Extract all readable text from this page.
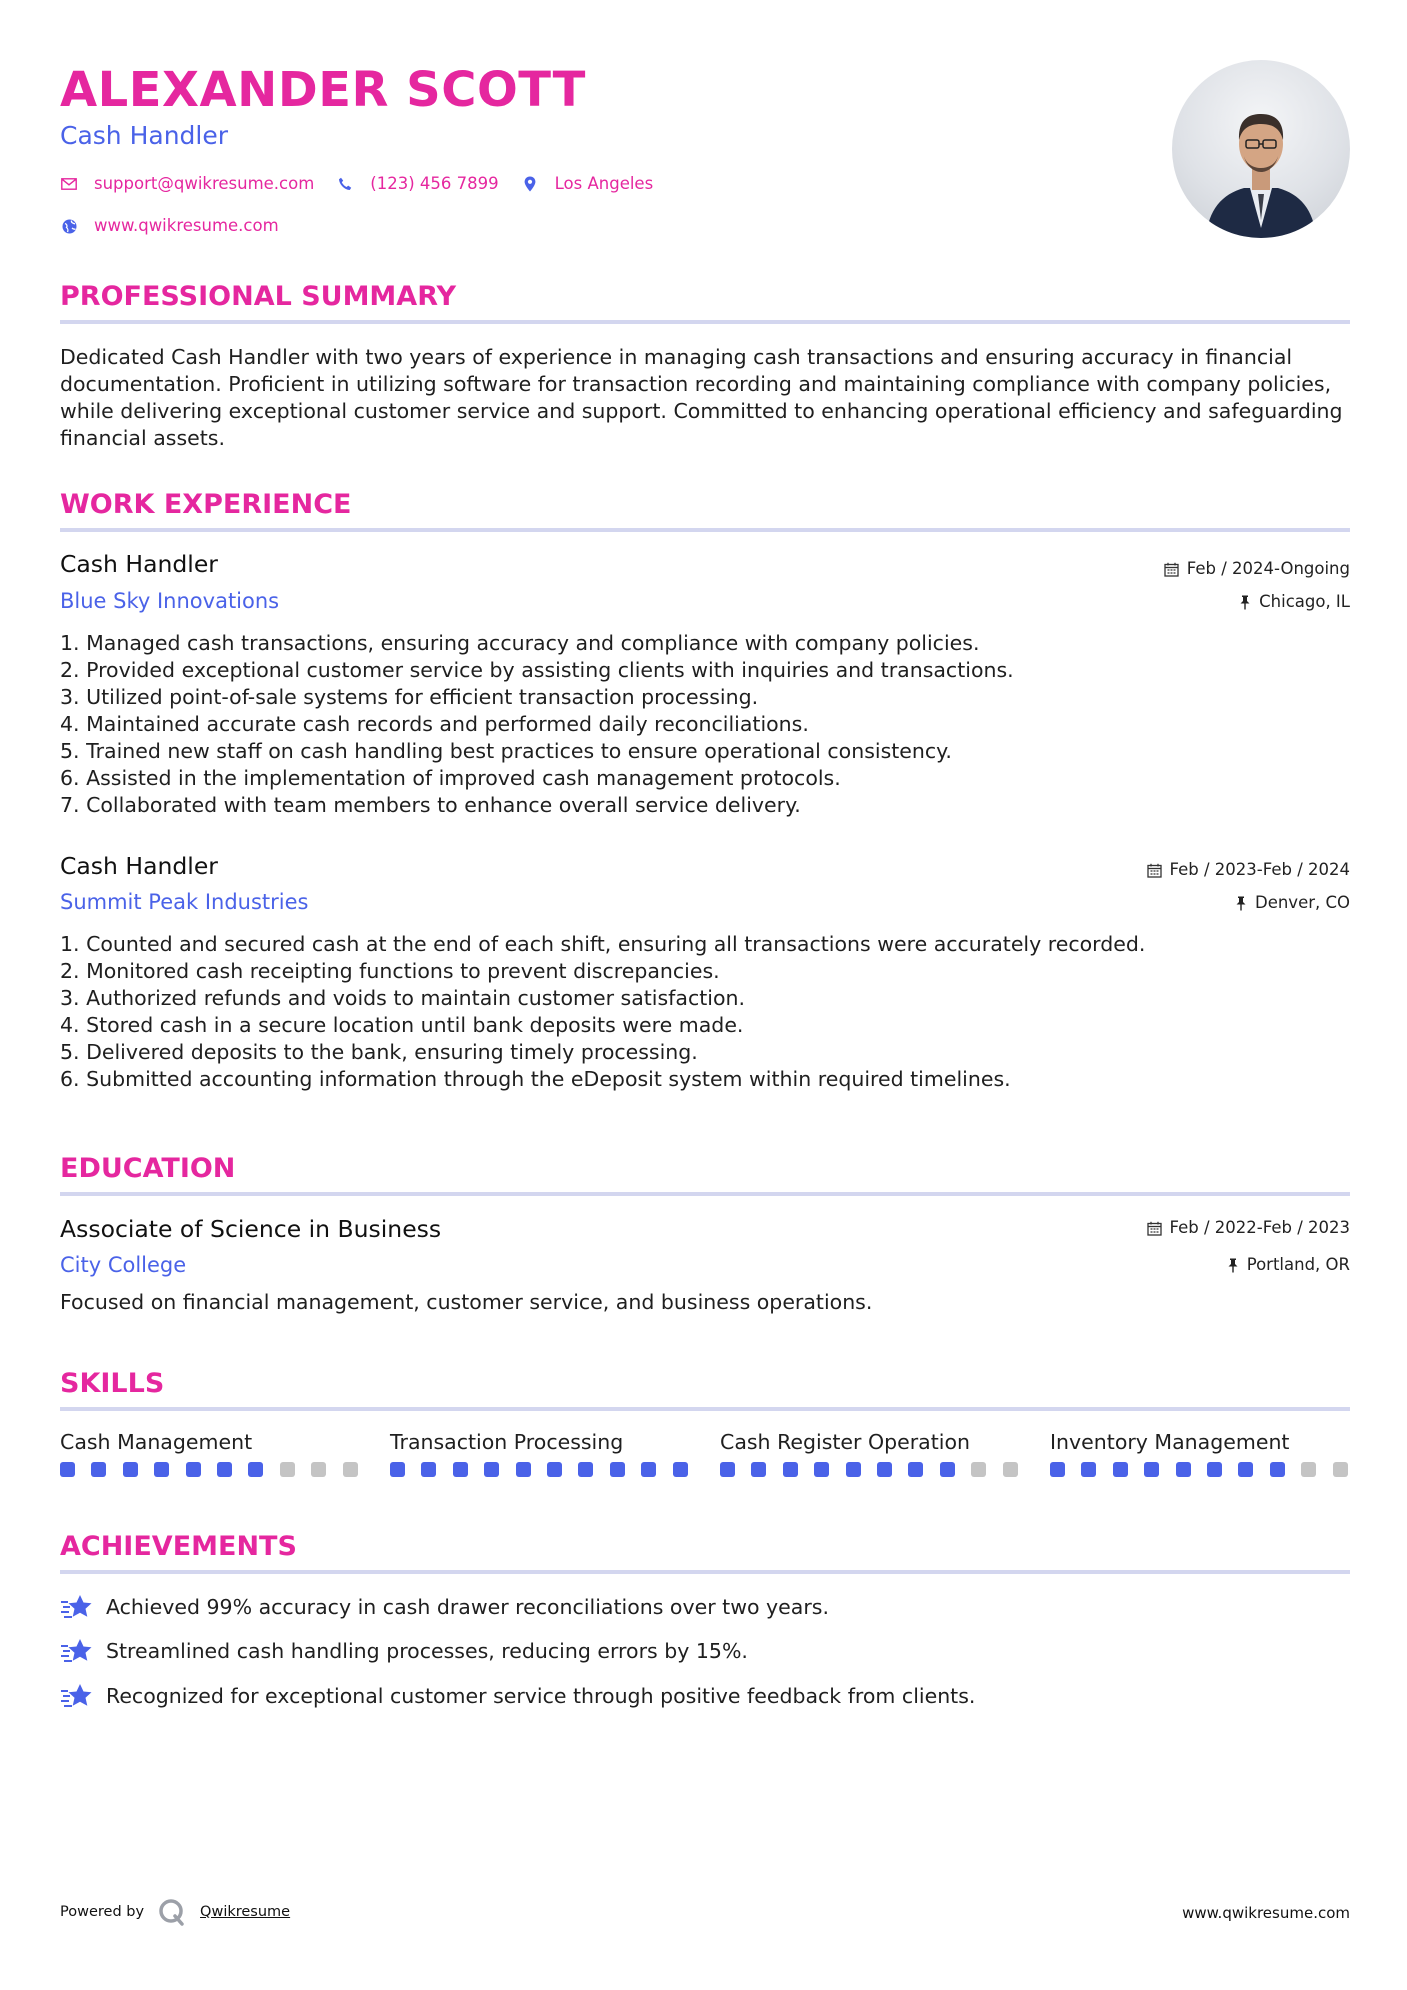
ALEXANDER SCOTT
Cash Handler
support@qwikresume.com	(123) 456 7899	Los Angeles
www.qwikresume.com
PROFESSIONAL SUMMARY

Dedicated Cash Handler with two years of experience in managing cash transactions and ensuring accuracy in financial documentation. Proficient in utilizing software for transaction recording and maintaining compliance with company policies, while delivering exceptional customer service and support. Committed to enhancing operational efficiency and safeguarding financial assets.

WORK EXPERIENCE
Cash Handler	Feb / 2024-Ongoing
Blue Sky Innovations	Chicago, IL
1. Managed cash transactions, ensuring accuracy and compliance with company policies.
2. Provided exceptional customer service by assisting clients with inquiries and transactions.
3. Utilized point-of-sale systems for efficient transaction processing.
4. Maintained accurate cash records and performed daily reconciliations.
5. Trained new staff on cash handling best practices to ensure operational consistency.
6. Assisted in the implementation of improved cash management protocols.
7. Collaborated with team members to enhance overall service delivery.
Cash Handler	Feb / 2023-Feb / 2024
Summit Peak Industries	Denver, CO
1. Counted and secured cash at the end of each shift, ensuring all transactions were accurately recorded.
2. Monitored cash receipting functions to prevent discrepancies.
3. Authorized refunds and voids to maintain customer satisfaction.
4. Stored cash in a secure location until bank deposits were made.
5. Delivered deposits to the bank, ensuring timely processing.
6. Submitted accounting information through the eDeposit system within required timelines.
EDUCATION
Associate of Science in Business	Feb / 2022-Feb / 2023
City College	Portland, OR

Focused on financial management, customer service, and business operations.

SKILLS
Cash Management	Transaction Processing	Cash Register Operation	Inventory Management
ACHIEVEMENTS
Achieved 99% accuracy in cash drawer reconciliations over two years.
Streamlined cash handling processes, reducing errors by 15%.
Recognized for exceptional customer service through positive feedback from clients.
Powered by	Qwikresume	www.qwikresume.com
